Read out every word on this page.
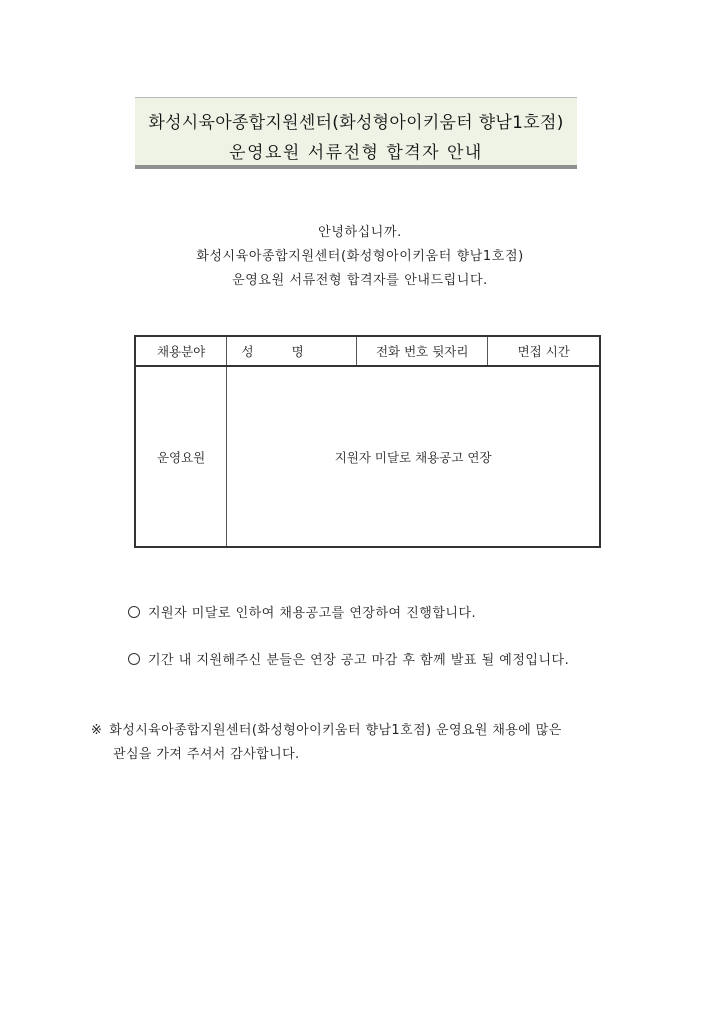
화성시육아종합지원센터(화성형아이키움터 향남1호점)
운영요원 서류전형 합격자 안내
안녕하십니까.
화성시육아종합지원센터(화성형아이키움터 향남1호점)
운영요원 서류전형 합격자를 안내드립니다.
채용분야	성명	전화 번호 뒷자리	면접 시간
운영요원	지원자 미달로 채용공고 연장		
지원자 미달로 인하여 채용공고를 연장하여 진행합니다.
기간 내 지원해주신 분들은 연장 공고 마감 후 함께 발표 될 예정입니다.
※ 화성시육아종합지원센터(화성형아이키움터 향남1호점) 운영요원 채용에 많은
관심을 가져 주셔서 감사합니다.
